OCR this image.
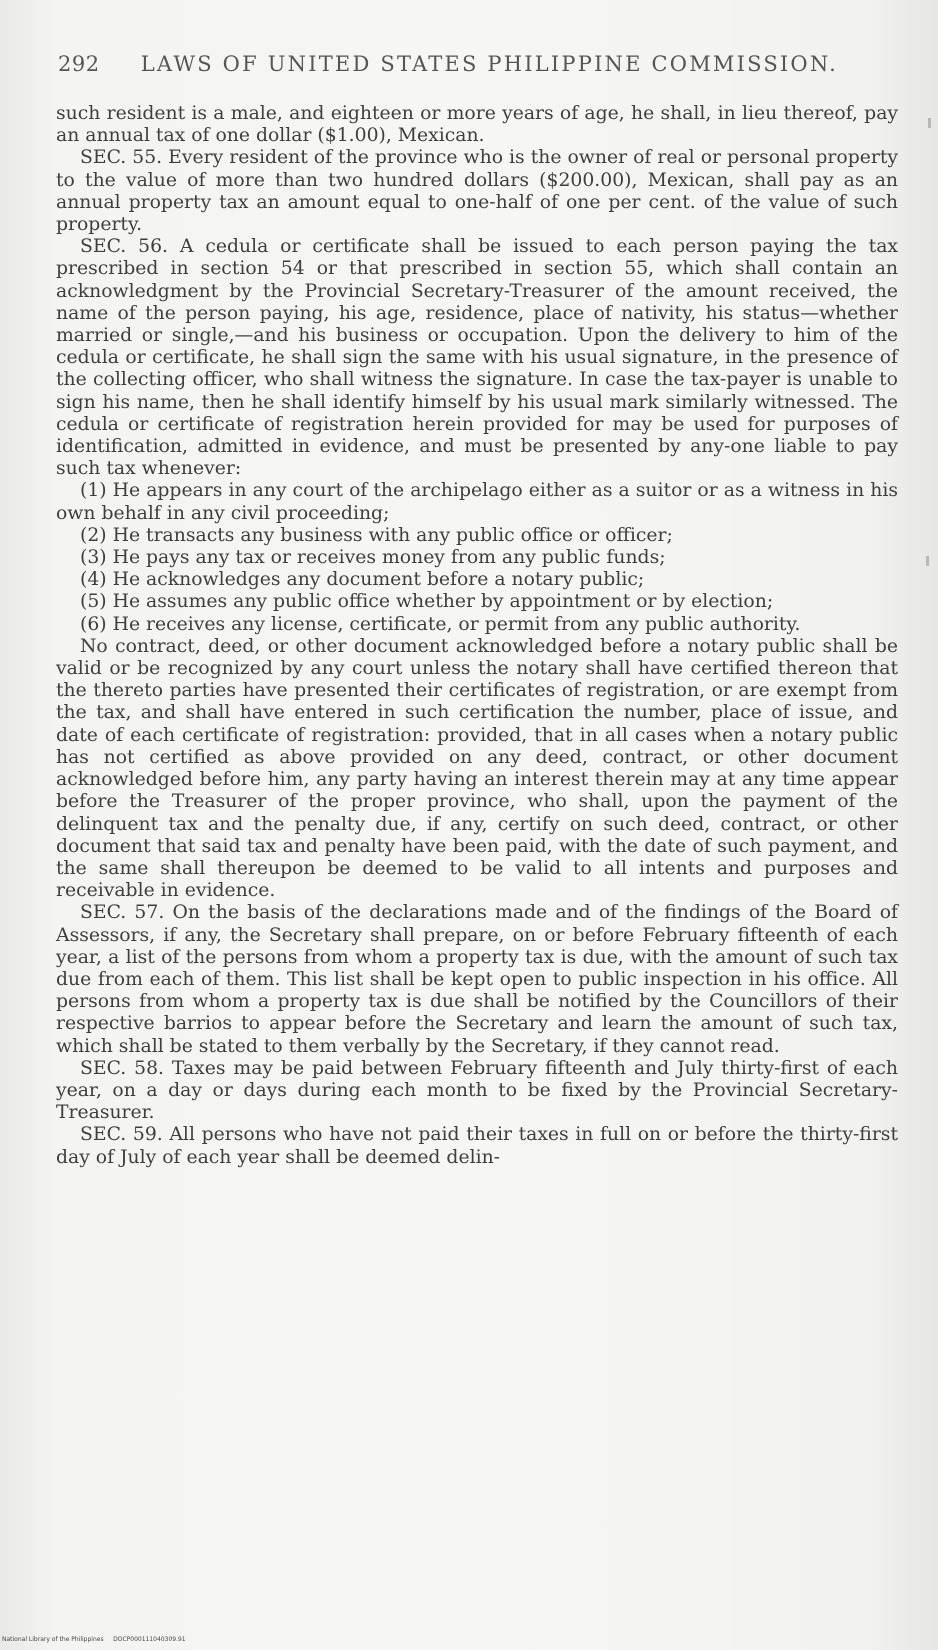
292 LAWS OF UNITED STATES PHILIPPINE COMMISSION.

such resident is a male, and eighteen or more years of age, he shall, in lieu thereof, pay an annual tax of one dollar ($1.00), Mexican.

SEC. 55. Every resident of the province who is the owner of real or personal property to the value of more than two hundred dollars ($200.00), Mexican, shall pay as an annual property tax an amount equal to one-half of one per cent. of the value of such property.

SEC. 56. A cedula or certificate shall be issued to each person paying the tax prescribed in section 54 or that prescribed in section 55, which shall contain an acknowledgment by the Provincial Secretary-Treasurer of the amount received, the name of the person paying, his age, residence, place of nativity, his status—whether married or single,—and his business or occupation. Upon the delivery to him of the cedula or certificate, he shall sign the same with his usual signature, in the presence of the collecting officer, who shall witness the signature. In case the tax-payer is unable to sign his name, then he shall identify himself by his usual mark similarly witnessed. The cedula or certificate of registration herein provided for may be used for purposes of identification, admitted in evidence, and must be presented by any-one liable to pay such tax whenever:

(1) He appears in any court of the archipelago either as a suitor or as a witness in his own behalf in any civil proceeding;

(2) He transacts any business with any public office or officer;

(3) He pays any tax or receives money from any public funds;

(4) He acknowledges any document before a notary public;

(5) He assumes any public office whether by appointment or by election;

(6) He receives any license, certificate, or permit from any public authority.

No contract, deed, or other document acknowledged before a notary public shall be valid or be recognized by any court unless the notary shall have certified thereon that the thereto parties have presented their certificates of registration, or are exempt from the tax, and shall have entered in such certification the number, place of issue, and date of each certificate of registration: provided, that in all cases when a notary public has not certified as above provided on any deed, contract, or other document acknowledged before him, any party having an interest therein may at any time appear before the Treasurer of the proper province, who shall, upon the payment of the delinquent tax and the penalty due, if any, certify on such deed, contract, or other document that said tax and penalty have been paid, with the date of such payment, and the same shall thereupon be deemed to be valid to all intents and purposes and receivable in evidence.

SEC. 57. On the basis of the declarations made and of the findings of the Board of Assessors, if any, the Secretary shall prepare, on or before February fifteenth of each year, a list of the persons from whom a property tax is due, with the amount of such tax due from each of them. This list shall be kept open to public inspection in his office. All persons from whom a property tax is due shall be notified by the Councillors of their respective barrios to appear before the Secretary and learn the amount of such tax, which shall be stated to them verbally by the Secretary, if they cannot read.

SEC. 58. Taxes may be paid between February fifteenth and July thirty-first of each year, on a day or days during each month to be fixed by the Provincial Secretary-Treasurer.

SEC. 59. All persons who have not paid their taxes in full on or before the thirty-first day of July of each year shall be deemed delin-

National Library of the Philippines DOCP000111040309.91
